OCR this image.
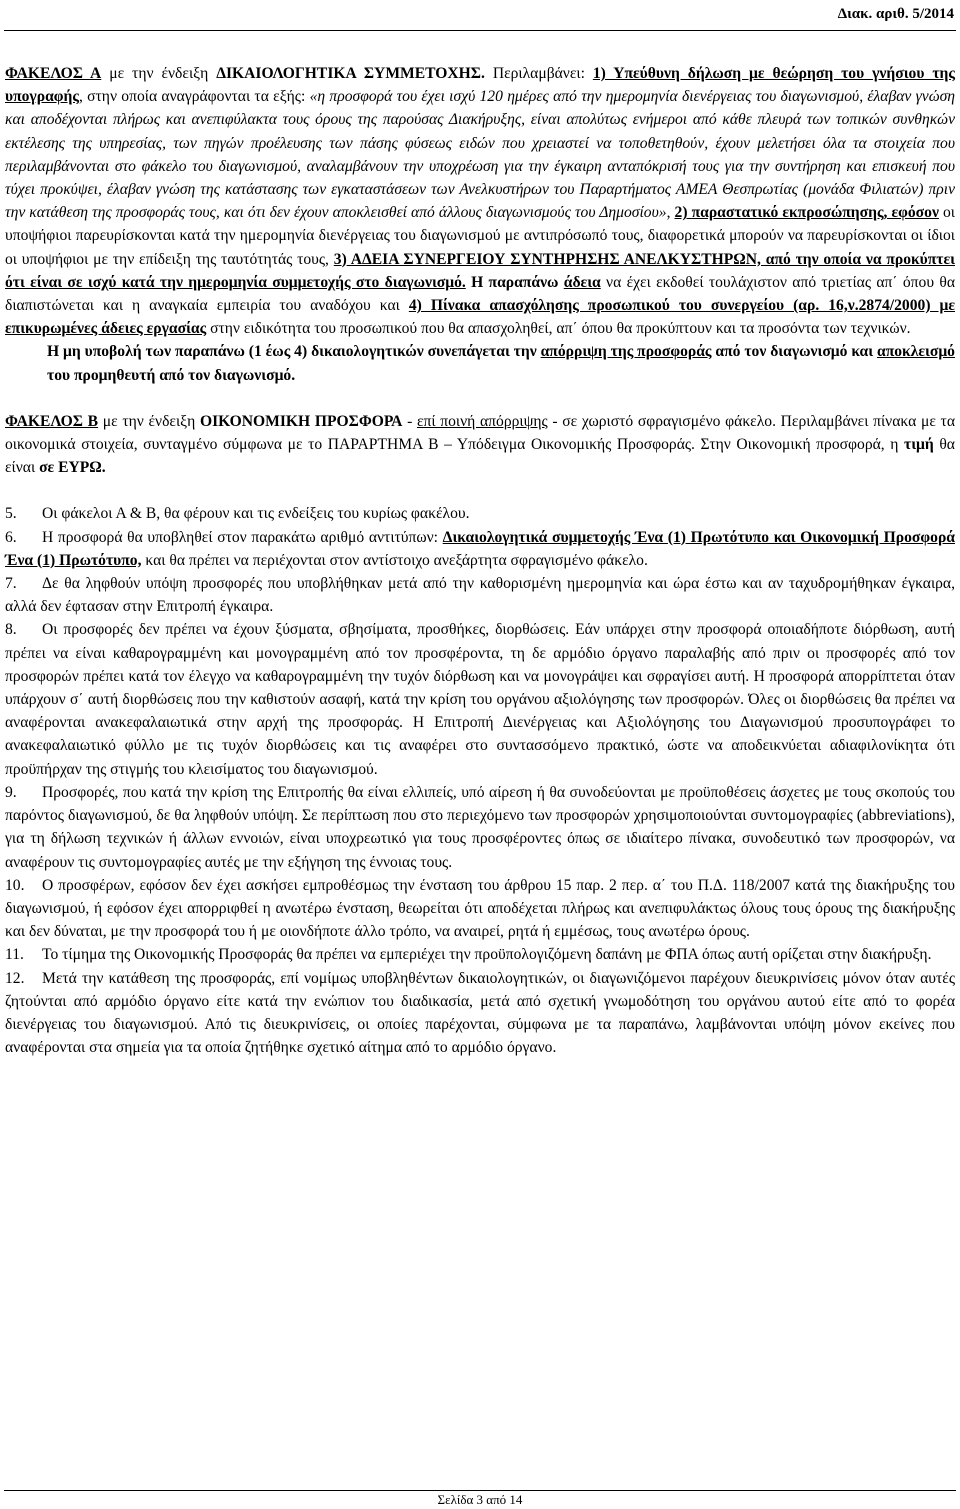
Διακ. αριθ. 5/2014

ΦΑΚΕΛΟΣ Α με την ένδειξη ΔΙΚΑΙΟΛΟΓΗΤΙΚΑ ΣΥΜΜΕΤΟΧΗΣ. Περιλαμβάνει: 1) Υπεύθυνη δήλωση με θεώρηση του γνήσιου της υπογραφής, στην οποία αναγράφονται τα εξής: «η προσφορά του έχει ισχύ 120 ημέρες από την ημερομηνία διενέργειας του διαγωνισμού, έλαβαν γνώση και αποδέχονται πλήρως και ανεπιφύλακτα τους όρους της παρούσας Διακήρυξης, είναι απολύτως ενήμεροι από κάθε πλευρά των τοπικών συνθηκών εκτέλεσης της υπηρεσίας, των πηγών προέλευσης των πάσης φύσεως ειδών που χρειαστεί να τοποθετηθούν, έχουν μελετήσει όλα τα στοιχεία που περιλαμβάνονται στο φάκελο του διαγωνισμού, αναλαμβάνουν την υποχρέωση για την έγκαιρη ανταπόκρισή τους για την συντήρηση και επισκευή που τύχει προκύψει, έλαβαν γνώση της κατάστασης των εγκαταστάσεων των Ανελκυστήρων του Παραρτήματος ΑΜΕΑ Θεσπρωτίας (μονάδα Φιλιατών) πριν την κατάθεση της προσφοράς τους, και ότι δεν έχουν αποκλεισθεί από άλλους διαγωνισμούς του Δημοσίου», 2) παραστατικό εκπροσώπησης, εφόσον οι υποψήφιοι παρευρίσκονται κατά την ημερομηνία διενέργειας του διαγωνισμού με αντιπρόσωπό τους, διαφορετικά μπορούν να παρευρίσκονται οι ίδιοι οι υποψήφιοι με την επίδειξη της ταυτότητάς τους, 3) ΑΔΕΙΑ ΣΥΝΕΡΓΕΙΟΥ ΣΥΝΤΗΡΗΣΗΣ ΑΝΕΛΚΥΣΤΗΡΩΝ, από την οποία να προκύπτει ότι είναι σε ισχύ κατά την ημερομηνία συμμετοχής στο διαγωνισμό. Η παραπάνω άδεια να έχει εκδοθεί τουλάχιστον από τριετίας απ΄ όπου θα διαπιστώνεται και η αναγκαία εμπειρία του αναδόχου και 4) Πίνακα απασχόλησης προσωπικού του συνεργείου (αρ. 16,ν.2874/2000) με επικυρωμένες άδειες εργασίας στην ειδικότητα του προσωπικού που θα απασχοληθεί, απ΄ όπου θα προκύπτουν και τα προσόντα των τεχνικών.

Η μη υποβολή των παραπάνω (1 έως 4) δικαιολογητικών συνεπάγεται την απόρριψη της προσφοράς από τον διαγωνισμό και αποκλεισμό του προμηθευτή από τον διαγωνισμό.

ΦΑΚΕΛΟΣ Β με την ένδειξη ΟΙΚΟΝΟΜΙΚΗ ΠΡΟΣΦΟΡΑ - επί ποινή απόρριψης - σε χωριστό σφραγισμένο φάκελο. Περιλαμβάνει πίνακα με τα οικονομικά στοιχεία, συνταγμένο σύμφωνα με το ΠΑΡΑΡΤΗΜΑ Β – Υπόδειγμα Οικονομικής Προσφοράς. Στην Οικονομική προσφορά, η τιμή θα είναι σε ΕΥΡΩ.

5. Οι φάκελοι Α & Β, θα φέρουν και τις ενδείξεις του κυρίως φακέλου.

6. Η προσφορά θα υποβληθεί στον παρακάτω αριθμό αντιτύπων: Δικαιολογητικά συμμετοχής Ένα (1) Πρωτότυπο και Οικονομική Προσφορά Ένα (1) Πρωτότυπο, και θα πρέπει να περιέχονται στον αντίστοιχο ανεξάρτητα σφραγισμένο φάκελο.

7. Δε θα ληφθούν υπόψη προσφορές που υποβλήθηκαν μετά από την καθορισμένη ημερομηνία και ώρα έστω και αν ταχυδρομήθηκαν έγκαιρα, αλλά δεν έφτασαν στην Επιτροπή έγκαιρα.

8. Οι προσφορές δεν πρέπει να έχουν ξύσματα, σβησίματα, προσθήκες, διορθώσεις. Εάν υπάρχει στην προσφορά οποιαδήποτε διόρθωση, αυτή πρέπει να είναι καθαρογραμμένη και μονογραμμένη από τον προσφέροντα, τη δε αρμόδιο όργανο παραλαβής από πριν οι προσφορές από τον προσφορών πρέπει κατά τον έλεγχο να καθαρογραμμένη την τυχόν διόρθωση και να μονογράψει και σφραγίσει αυτή. Η προσφορά απορρίπτεται όταν υπάρχουν σ΄ αυτή διορθώσεις που την καθιστούν ασαφή, κατά την κρίση του οργάνου αξιολόγησης των προσφορών. Όλες οι διορθώσεις θα πρέπει να αναφέρονται ανακεφαλαιωτικά στην αρχή της προσφοράς. Η Επιτροπή Διενέργειας και Αξιολόγησης του Διαγωνισμού προσυπογράφει το ανακεφαλαιωτικό φύλλο με τις τυχόν διορθώσεις και τις αναφέρει στο συντασσόμενο πρακτικό, ώστε να αποδεικνύεται αδιαφιλονίκητα ότι προϋπήρχαν της στιγμής του κλεισίματος του διαγωνισμού.

9. Προσφορές, που κατά την κρίση της Επιτροπής θα είναι ελλιπείς, υπό αίρεση ή θα συνοδεύονται με προϋποθέσεις άσχετες με τους σκοπούς του παρόντος διαγωνισμού, δε θα ληφθούν υπόψη. Σε περίπτωση που στο περιεχόμενο των προσφορών χρησιμοποιούνται συντομογραφίες (abbreviations), για τη δήλωση τεχνικών ή άλλων εννοιών, είναι υποχρεωτικό για τους προσφέροντες όπως σε ιδιαίτερο πίνακα, συνοδευτικό των προσφορών, να αναφέρουν τις συντομογραφίες αυτές με την εξήγηση της έννοιας τους.

10. Ο προσφέρων, εφόσον δεν έχει ασκήσει εμπροθέσμως την ένσταση του άρθρου 15 παρ. 2 περ. α΄ του Π.Δ. 118/2007 κατά της διακήρυξης του διαγωνισμού, ή εφόσον έχει απορριφθεί η ανωτέρω ένσταση, θεωρείται ότι αποδέχεται πλήρως και ανεπιφυλάκτως όλους τους όρους της διακήρυξης και δεν δύναται, με την προσφορά του ή με οιονδήποτε άλλο τρόπο, να αναιρεί, ρητά ή εμμέσως, τους ανωτέρω όρους.

11. Το τίμημα της Οικονομικής Προσφοράς θα πρέπει να εμπεριέχει την προϋπολογιζόμενη δαπάνη με ΦΠΑ όπως αυτή ορίζεται στην διακήρυξη.

12. Μετά την κατάθεση της προσφοράς, επί νομίμως υποβληθέντων δικαιολογητικών, οι διαγωνιζόμενοι παρέχουν διευκρινίσεις μόνον όταν αυτές ζητούνται από αρμόδιο όργανο είτε κατά την ενώπιον του διαδικασία, μετά από σχετική γνωμοδότηση του οργάνου αυτού είτε από το φορέα διενέργειας του διαγωνισμού. Από τις διευκρινίσεις, οι οποίες παρέχονται, σύμφωνα με τα παραπάνω, λαμβάνονται υπόψη μόνον εκείνες που αναφέρονται στα σημεία για τα οποία ζητήθηκε σχετικό αίτημα από το αρμόδιο όργανο.

Σελίδα 3 από 14
